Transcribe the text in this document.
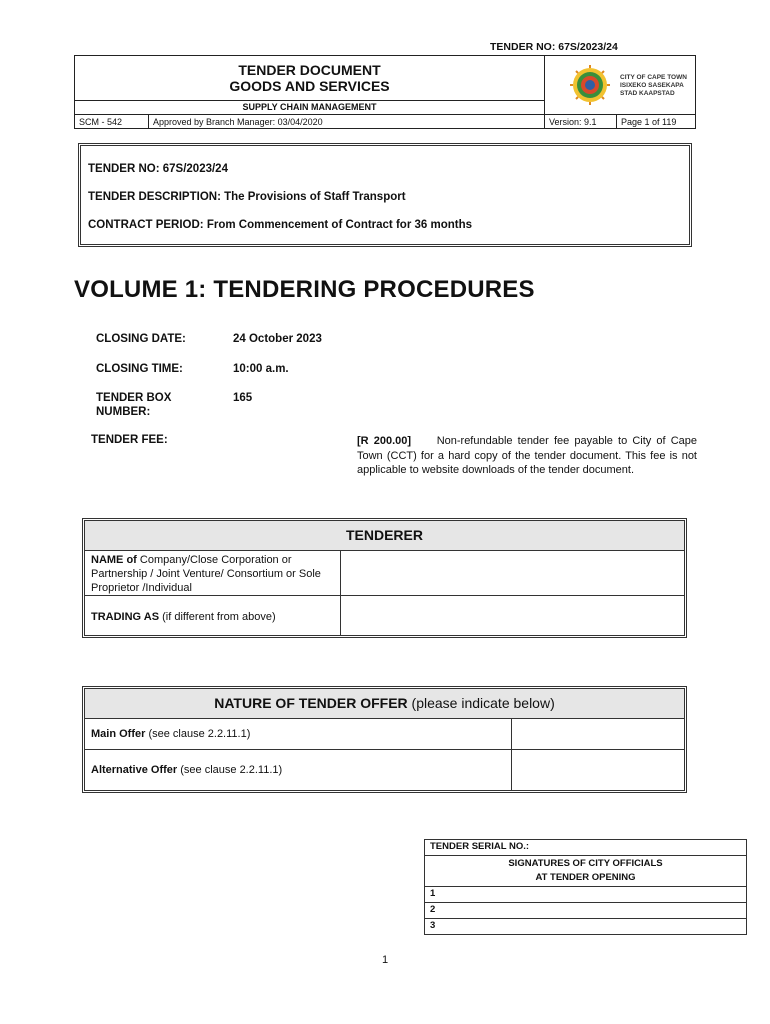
TENDER NO: 67S/2023/24
TENDER DOCUMENT
GOODS AND SERVICES
SUPPLY CHAIN MANAGEMENT
CITY OF CAPE TOWN
ISIXEKO SASEKAPA
STAD KAAPSTAD
SCM - 542	Approved by Branch Manager: 03/04/2020	Version: 9.1	Page 1 of 119
TENDER NO: 67S/2023/24
TENDER DESCRIPTION: The Provisions of Staff Transport
CONTRACT PERIOD: From Commencement of Contract for 36 months
VOLUME 1: TENDERING PROCEDURES
CLOSING DATE:	24 October 2023
CLOSING TIME:	10:00 a.m.
TENDER BOX
NUMBER:
165
TENDER FEE:	[R 200.00] Non-refundable tender fee payable to City of Cape Town (CCT) for a hard copy of the tender document. This fee is not applicable to website downloads of the tender document.
TENDERER
NAME of Company/Close Corporation or Partnership / Joint Venture/ Consortium or Sole Proprietor /Individual
TRADING AS (if different from above)
NATURE OF TENDER OFFER (please indicate below)
Main Offer (see clause 2.2.11.1)
Alternative Offer (see clause 2.2.11.1)
TENDER SERIAL NO.:
SIGNATURES OF CITY OFFICIALS
AT TENDER OPENING
1
2
3
1
